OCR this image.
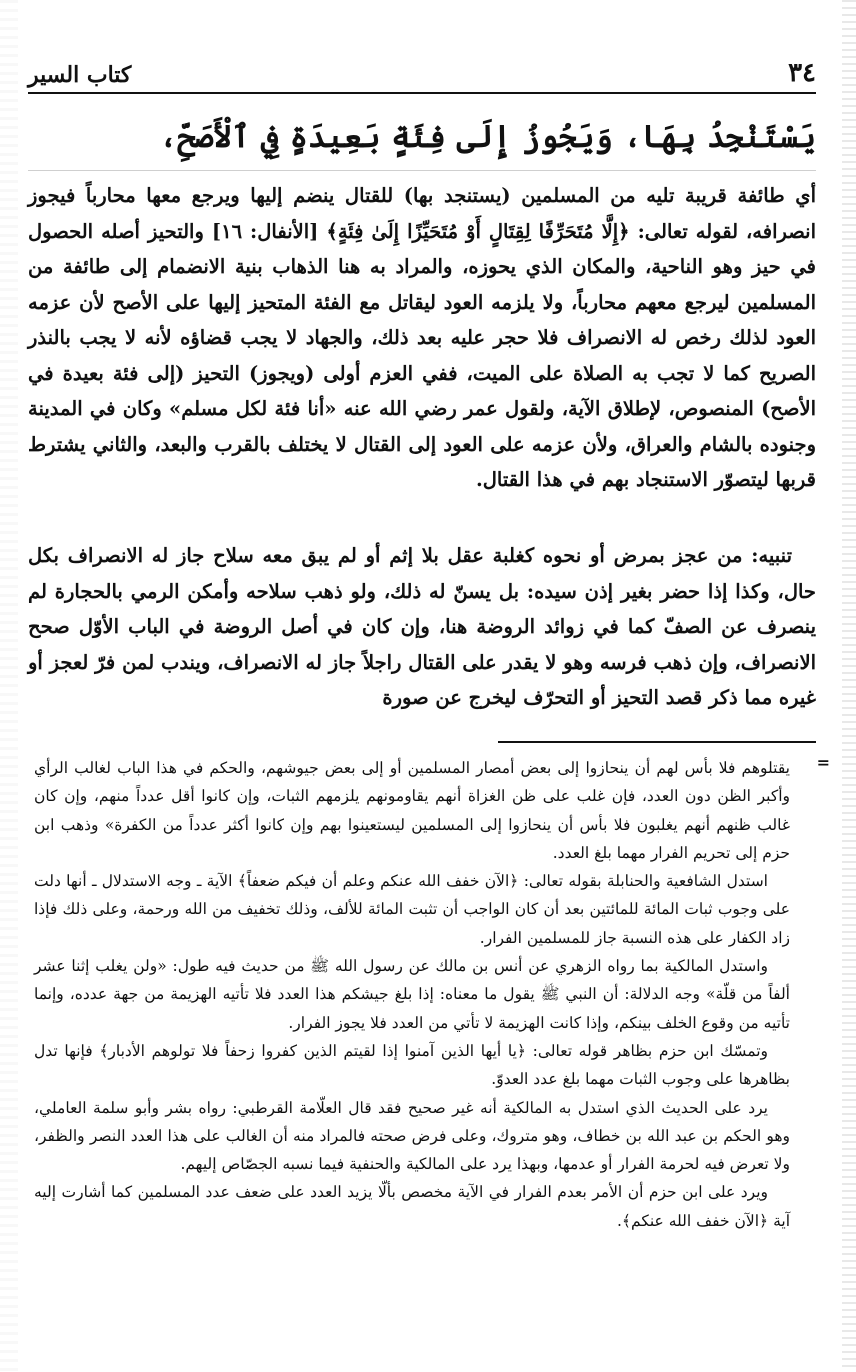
٣٤
كتاب السير
يَسْتَنْجِدُ بِهَا، وَيَجُوزُ إِلَى فِئَةٍ بَعِيدَةٍ فِي ٱلْأَصَحِّ،

أي طائفة قريبة تليه من المسلمين (يستنجد بها) للقتال ينضم إليها ويرجع معها محارباً فيجوز انصرافه، لقوله تعالى: ﴿إِلَّا مُتَحَرِّفًا لِقِتَالٍ أَوْ مُتَحَيِّزًا إِلَىٰ فِئَةٍ﴾ [الأنفال: ١٦] والتحيز أصله الحصول في حيز وهو الناحية، والمكان الذي يحوزه، والمراد به هنا الذهاب بنية الانضمام إلى طائفة من المسلمين ليرجع معهم محارباً، ولا يلزمه العود ليقاتل مع الفئة المتحيز إليها على الأصح لأن عزمه العود لذلك رخص له الانصراف فلا حجر عليه بعد ذلك، والجهاد لا يجب قضاؤه لأنه لا يجب بالنذر الصريح كما لا تجب به الصلاة على الميت، ففي العزم أولى (ويجوز) التحيز (إلى فئة بعيدة في الأصح) المنصوص، لإطلاق الآية، ولقول عمر رضي الله عنه «أنا فئة لكل مسلم» وكان في المدينة وجنوده بالشام والعراق، ولأن عزمه على العود إلى القتال لا يختلف بالقرب والبعد، والثاني يشترط قربها ليتصوّر الاستنجاد بهم في هذا القتال.

تنبيه: من عجز بمرض أو نحوه كغلبة عقل بلا إثم أو لم يبق معه سلاح جاز له الانصراف بكل حال، وكذا إذا حضر بغير إذن سيده: بل يسنّ له ذلك، ولو ذهب سلاحه وأمكن الرمي بالحجارة لم ينصرف عن الصفّ كما في زوائد الروضة هنا، وإن كان في أصل الروضة في الباب الأوّل صحح الانصراف، وإن ذهب فرسه وهو لا يقدر على القتال راجلاً جاز له الانصراف، ويندب لمن فرّ لعجز أو غيره مما ذكر قصد التحيز أو التحرّف ليخرج عن صورة
=

يقتلوهم فلا بأس لهم أن ينحازوا إلى بعض أمصار المسلمين أو إلى بعض جيوشهم، والحكم في هذا الباب لغالب الرأي وأكبر الظن دون العدد، فإن غلب على ظن الغزاة أنهم يقاومونهم يلزمهم الثبات، وإن كانوا أقل عدداً منهم، وإن كان غالب ظنهم أنهم يغلبون فلا بأس أن ينحازوا إلى المسلمين ليستعينوا بهم وإن كانوا أكثر عدداً من الكفرة» وذهب ابن حزم إلى تحريم الفرار مهما بلغ العدد.

استدل الشافعية والحنابلة بقوله تعالى: ﴿الآن خفف الله عنكم وعلم أن فيكم ضعفاً﴾ الآية ـ وجه الاستدلال ـ أنها دلت على وجوب ثبات المائة للمائتين بعد أن كان الواجب أن تثبت المائة للألف، وذلك تخفيف من الله ورحمة، وعلى ذلك فإذا زاد الكفار على هذه النسبة جاز للمسلمين الفرار.

واستدل المالكية بما رواه الزهري عن أنس بن مالك عن رسول الله ﷺ من حديث فيه طول: «ولن يغلب إثنا عشر ألفاً من قلّة» وجه الدلالة: أن النبي ﷺ يقول ما معناه: إذا بلغ جيشكم هذا العدد فلا تأتيه الهزيمة من جهة عدده، وإنما تأتيه من وقوع الخلف بينكم، وإذا كانت الهزيمة لا تأتي من العدد فلا يجوز الفرار.

وتمسّك ابن حزم بظاهر قوله تعالى: ﴿يا أيها الذين آمنوا إذا لقيتم الذين كفروا زحفاً فلا تولوهم الأدبار﴾ فإنها تدل بظاهرها على وجوب الثبات مهما بلغ عدد العدوّ.

يرد على الحديث الذي استدل به المالكية أنه غير صحيح فقد قال العلّامة القرطبي: رواه بشر وأبو سلمة العاملي، وهو الحكم بن عبد الله بن خطاف، وهو متروك، وعلى فرض صحته فالمراد منه أن الغالب على هذا العدد النصر والظفر، ولا تعرض فيه لحرمة الفرار أو عدمها، وبهذا يرد على المالكية والحنفية فيما نسبه الجصّاص إليهم.

ويرد على ابن حزم أن الأمر بعدم الفرار في الآية مخصص بألّا يزيد العدد على ضعف عدد المسلمين كما أشارت إليه آية ﴿الآن خفف الله عنكم﴾.
